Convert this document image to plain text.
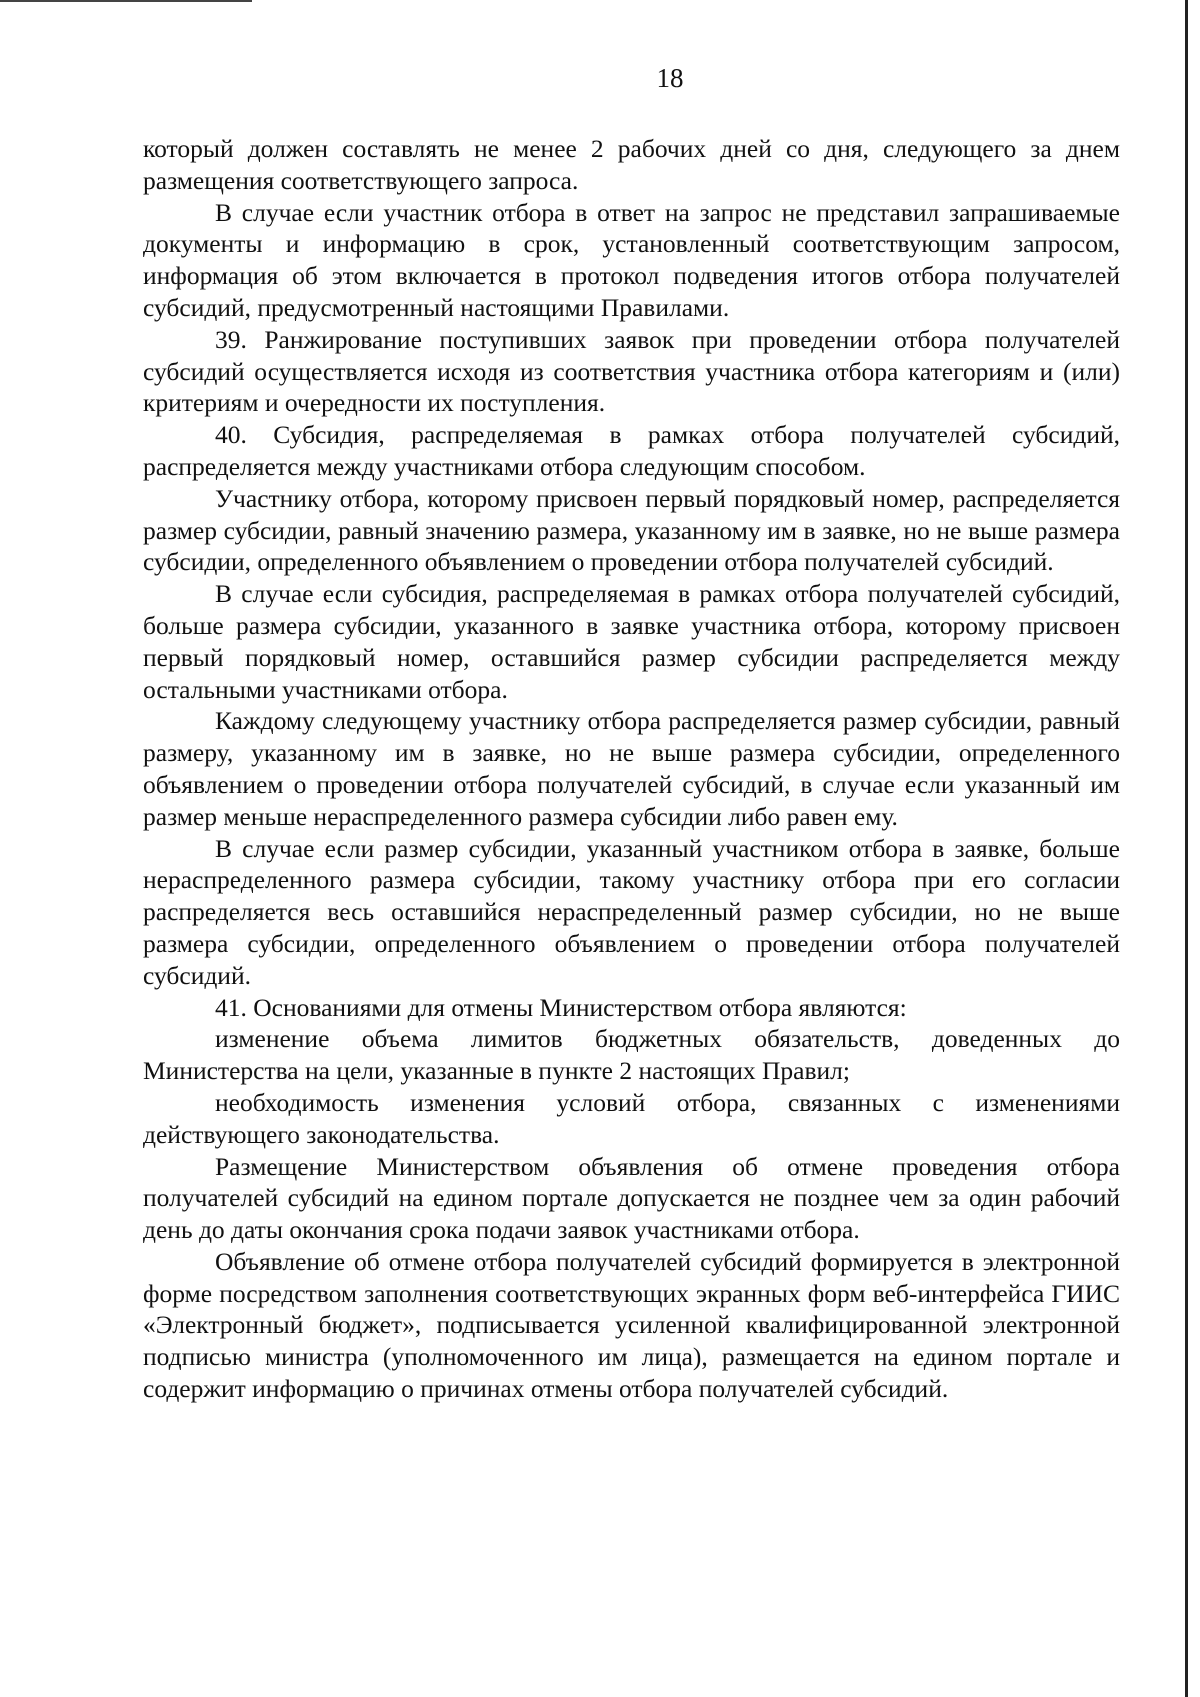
18

который должен составлять не менее 2 рабочих дней со дня, следующего за днем размещения соответствующего запроса.

В случае если участник отбора в ответ на запрос не представил запрашиваемые документы и информацию в срок, установленный соответствующим запросом, информация об этом включается в протокол подведения итогов отбора получателей субсидий, предусмотренный настоящими Правилами.

39. Ранжирование поступивших заявок при проведении отбора получателей субсидий осуществляется исходя из соответствия участника отбора категориям и (или) критериям и очередности их поступления.

40. Субсидия, распределяемая в рамках отбора получателей субсидий, распределяется между участниками отбора следующим способом.

Участнику отбора, которому присвоен первый порядковый номер, распределяется размер субсидии, равный значению размера, указанному им в заявке, но не выше размера субсидии, определенного объявлением о проведении отбора получателей субсидий.

В случае если субсидия, распределяемая в рамках отбора получателей субсидий, больше размера субсидии, указанного в заявке участника отбора, которому присвоен первый порядковый номер, оставшийся размер субсидии распределяется между остальными участниками отбора.

Каждому следующему участнику отбора распределяется размер субсидии, равный размеру, указанному им в заявке, но не выше размера субсидии, определенного объявлением о проведении отбора получателей субсидий, в случае если указанный им размер меньше нераспределенного размера субсидии либо равен ему.

В случае если размер субсидии, указанный участником отбора в заявке, больше нераспределенного размера субсидии, такому участнику отбора при его согласии распределяется весь оставшийся нераспределенный размер субсидии, но не выше размера субсидии, определенного объявлением о проведении отбора получателей субсидий.

41. Основаниями для отмены Министерством отбора являются:

изменение объема лимитов бюджетных обязательств, доведенных до Министерства на цели, указанные в пункте 2 настоящих Правил;

необходимость изменения условий отбора, связанных с изменениями действующего законодательства.

Размещение Министерством объявления об отмене проведения отбора получателей субсидий на едином портале допускается не позднее чем за один рабочий день до даты окончания срока подачи заявок участниками отбора.

Объявление об отмене отбора получателей субсидий формируется в электронной форме посредством заполнения соответствующих экранных форм веб-интерфейса ГИИС «Электронный бюджет», подписывается усиленной квалифицированной электронной подписью министра (уполномоченного им лица), размещается на едином портале и содержит информацию о причинах отмены отбора получателей субсидий.
